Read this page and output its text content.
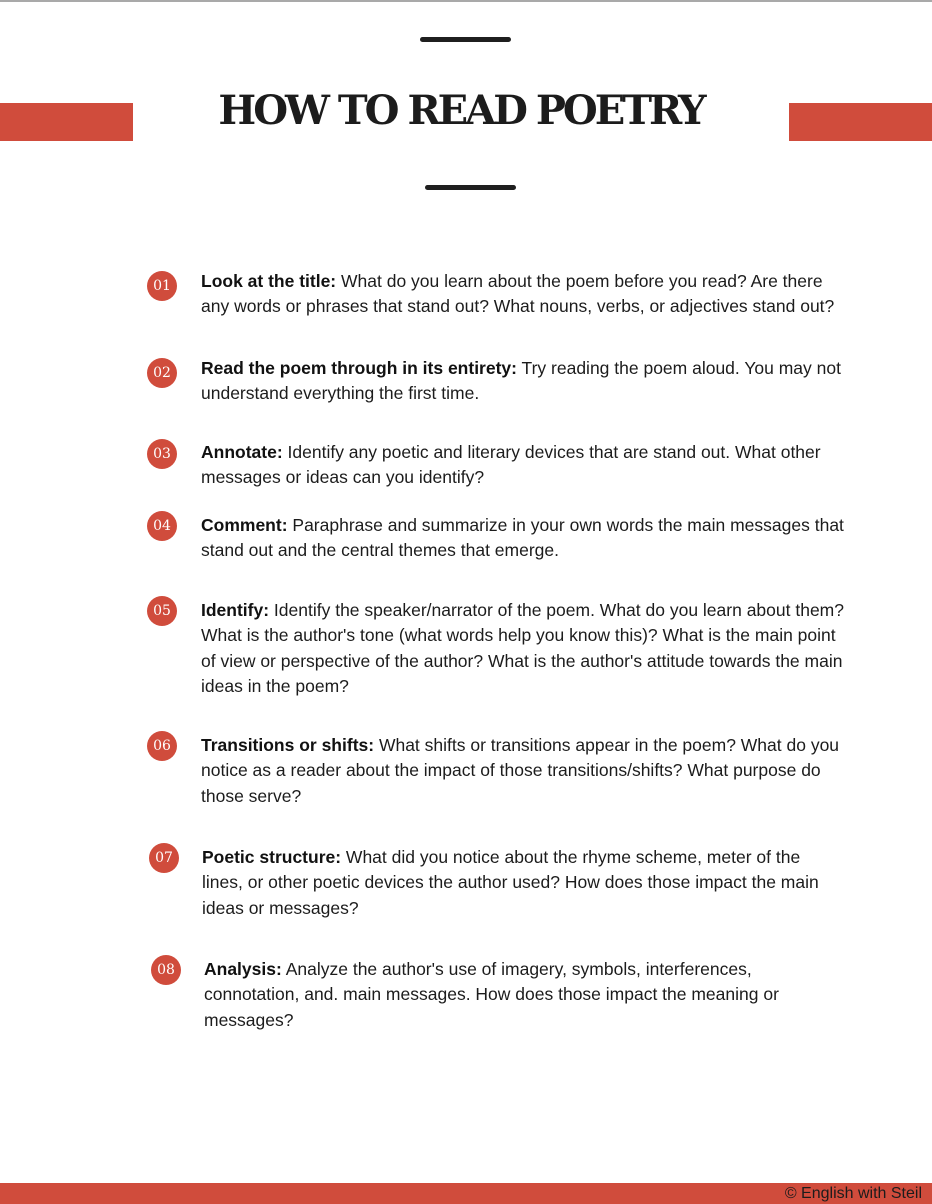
HOW TO READ POETRY
01	Look at the title: What do you learn about the poem before you read? Are there any words or phrases that stand out? What nouns, verbs, or adjectives stand out?
02	Read the poem through in its entirety: Try reading the poem aloud. You may not understand everything the first time.
03	Annotate: Identify any poetic and literary devices that are stand out. What other messages or ideas can you identify?
04	Comment: Paraphrase and summarize in your own words the main messages that stand out and the central themes that emerge.
05	Identify: Identify the speaker/narrator of the poem. What do you learn about them? What is the author's tone (what words help you know this)? What is the main point of view or perspective of the author? What is the author's attitude towards the main ideas in the poem?
06	Transitions or shifts: What shifts or transitions appear in the poem? What do you notice as a reader about the impact of those transitions/shifts? What purpose do those serve?
07	Poetic structure: What did you notice about the rhyme scheme, meter of the lines, or other poetic devices the author used? How does those impact the main ideas or messages?
08	Analysis: Analyze the author's use of imagery, symbols, interferences, connotation, and. main messages. How does those impact the meaning or messages?
© English with Steil
